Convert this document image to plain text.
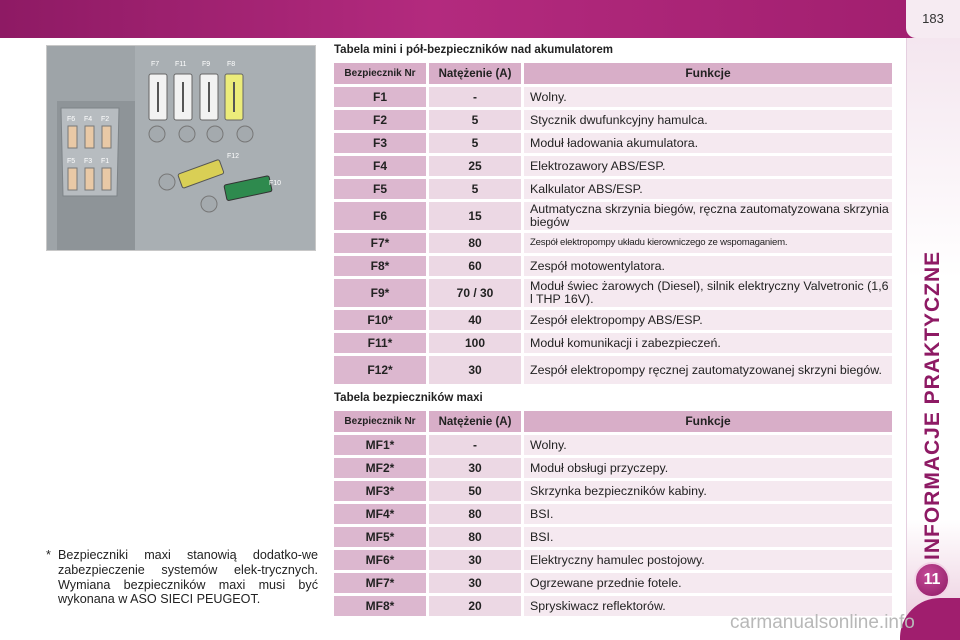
183
11
F7 F11 F9 F8
F6 F4 F2
F5 F3 F1
F12
F10
* Bezpieczniki maxi stanowią dodatko-we zabezpieczenie systemów elek-trycznych. Wymiana bezpieczników maxi musi być wykonana w ASO SIECI PEUGEOT.
Tabela mini i pół-bezpieczników nad akumulatorem
Bezpiecznik Nr	Natężenie (A)	Funkcje
F1	-	Wolny.
F2	5	Stycznik dwufunkcyjny hamulca.
F3	5	Moduł ładowania akumulatora.
F4	25	Elektrozawory ABS/ESP.
F5	5	Kalkulator ABS/ESP.
F6	15	Autmatyczna skrzynia biegów, ręczna zautomatyzowana skrzynia biegów
F7*	80	Zespół elektropompy układu kierowniczego ze wspomaganiem.
F8*	60	Zespół motowentylatora.
F9*	70 / 30	Moduł świec żarowych (Diesel), silnik elektryczny Valvetronic (1,6 l THP 16V).
F10*	40	Zespół elektropompy ABS/ESP.
F11*	100	Moduł komunikacji i zabezpieczeń.
F12*	30	Zespół elektropompy ręcznej zautomatyzowanej skrzyni biegów.
Tabela bezpieczników maxi
Bezpiecznik Nr	Natężenie (A)	Funkcje
MF1*	-	Wolny.
MF2*	30	Moduł obsługi przyczepy.
MF3*	50	Skrzynka bezpieczników kabiny.
MF4*	80	BSI.
MF5*	80	BSI.
MF6*	30	Elektryczny hamulec postojowy.
MF7*	30	Ogrzewane przednie fotele.
MF8*	20	Spryskiwacz reflektorów.
carmanualsonline.info
